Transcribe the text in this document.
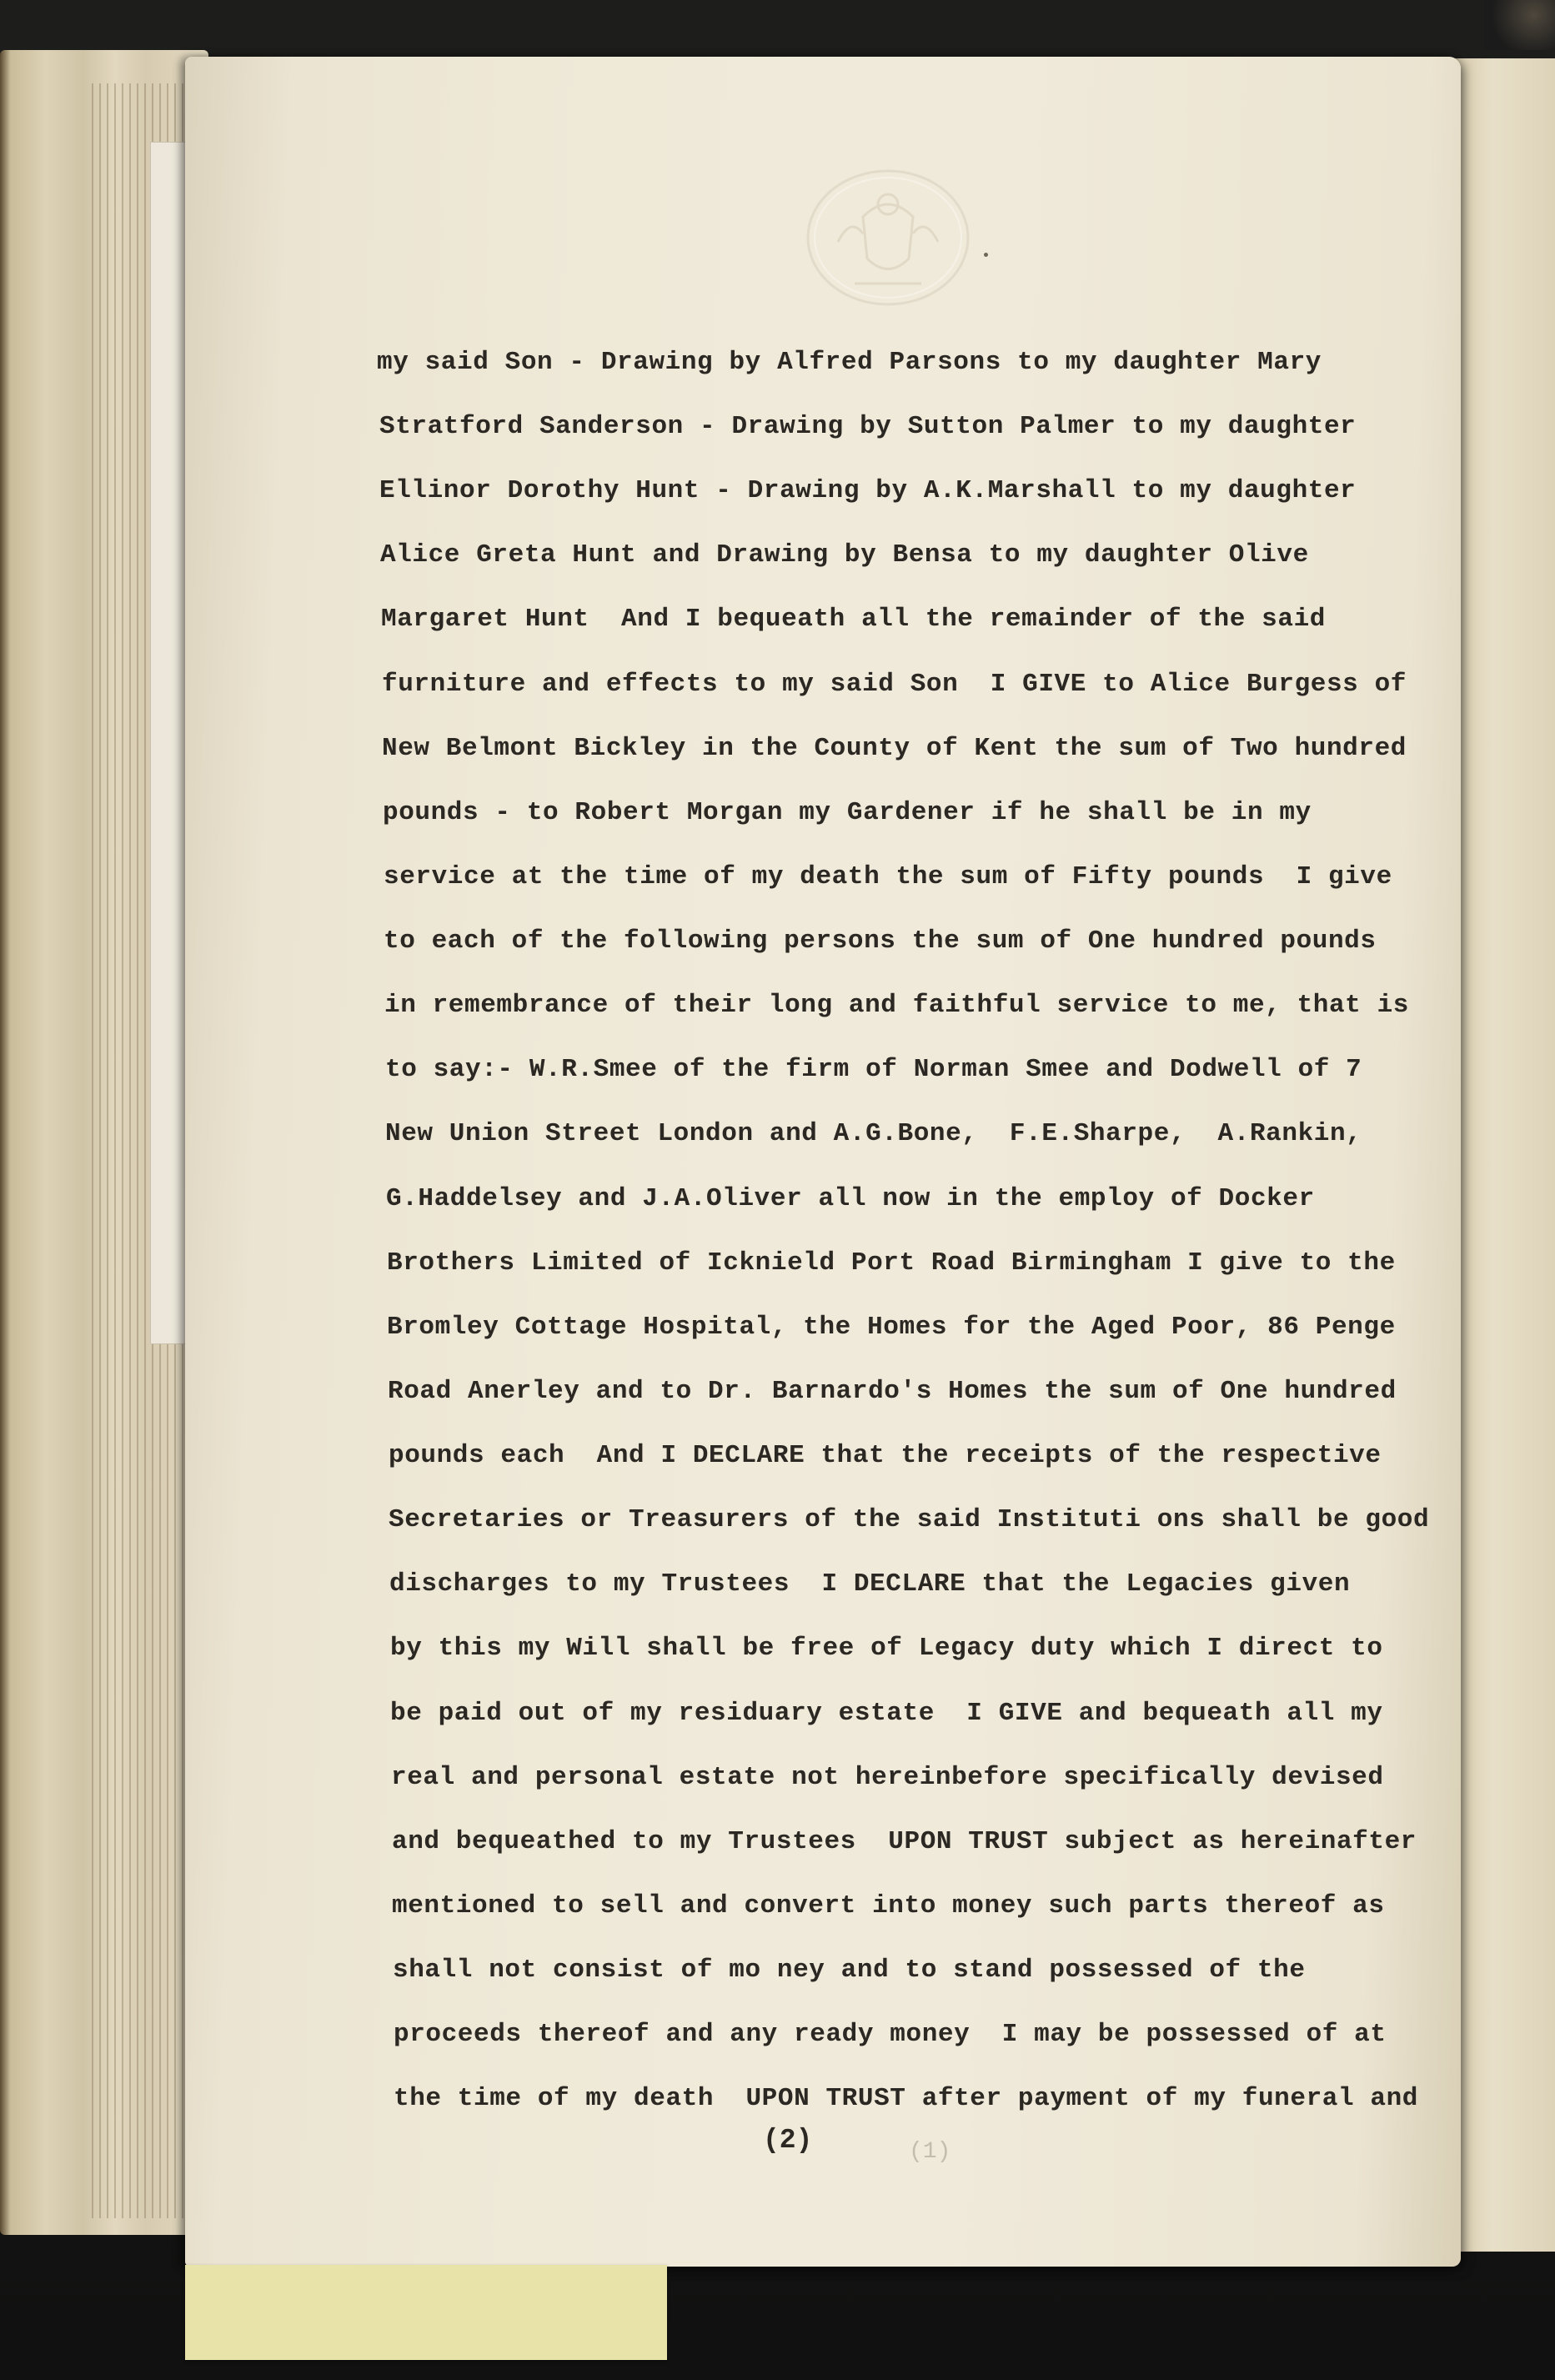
my said Son - Drawing by Alfred Parsons to my daughter Mary
Stratford Sanderson - Drawing by Sutton Palmer to my daughter
Ellinor Dorothy Hunt - Drawing by A.K.Marshall to my daughter
Alice Greta Hunt and Drawing by Bensa to my daughter Olive
Margaret Hunt  And I bequeath all the remainder of the said
furniture and effects to my said Son  I GIVE to Alice Burgess of
New Belmont Bickley in the County of Kent the sum of Two hundred
pounds - to Robert Morgan my Gardener if he shall be in my
service at the time of my death the sum of Fifty pounds  I give
to each of the following persons the sum of One hundred pounds
in remembrance of their long and faithful service to me, that is
to say:- W.R.Smee of the firm of Norman Smee and Dodwell of 7
New Union Street London and A.G.Bone,  F.E.Sharpe,  A.Rankin,
G.Haddelsey and J.A.Oliver all now in the employ of Docker
Brothers Limited of Icknield Port Road Birmingham I give to the
Bromley Cottage Hospital, the Homes for the Aged Poor, 86 Penge
Road Anerley and to Dr. Barnardo's Homes the sum of One hundred
pounds each  And I DECLARE that the receipts of the respective
Secretaries or Treasurers of the said Instituti ons shall be good
discharges to my Trustees  I DECLARE that the Legacies given
by this my Will shall be free of Legacy duty which I direct to
be paid out of my residuary estate  I GIVE and bequeath all my
real and personal estate not hereinbefore specifically devised
and bequeathed to my Trustees  UPON TRUST subject as hereinafter
mentioned to sell and convert into money such parts thereof as
shall not consist of mo ney and to stand possessed of the
proceeds thereof and any ready money  I may be possessed of at
the time of my death  UPON TRUST after payment of my funeral and
(2)	(1)
